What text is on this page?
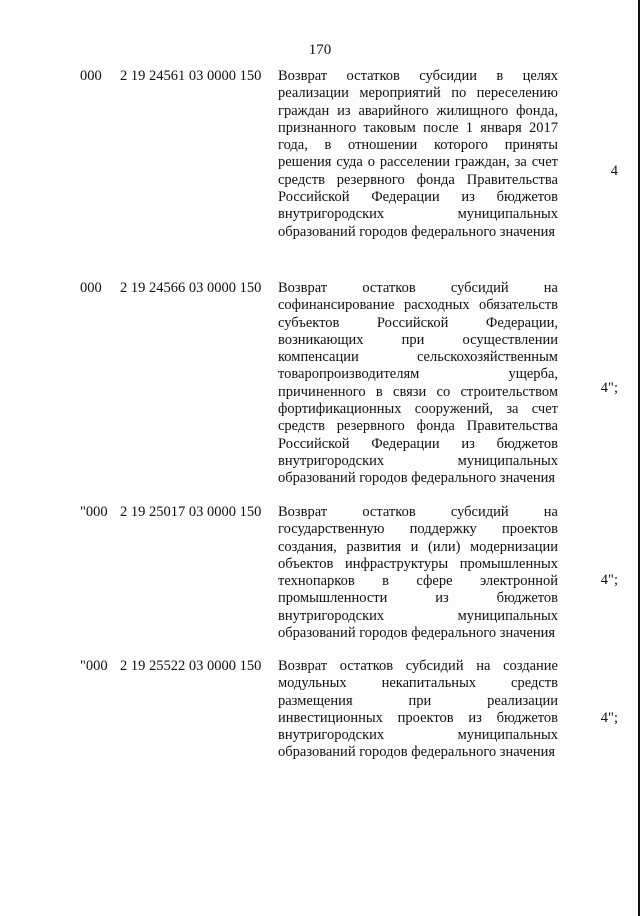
170
000 2 19 24561 03 0000 150 Возврат остатков субсидии в целях реализации мероприятий по переселению граждан из аварийного жилищного фонда, признанного таковым после 1 января 2017 года, в отношении которого приняты решения суда о расселении граждан, за счет средств резервного фонда Правительства Российской Федерации из бюджетов внутригородских муниципальных образований городов федерального значения
4
000 2 19 24566 03 0000 150 Возврат остатков субсидий на софинансирование расходных обязательств субъектов Российской Федерации, возникающих при осуществлении компенсации сельскохозяйственным товаропроизводителям ущерба, причиненного в связи со строительством фортификационных сооружений, за счет средств резервного фонда Правительства Российской Федерации из бюджетов внутригородских муниципальных образований городов федерального значения
4";
"000 2 19 25017 03 0000 150 Возврат остатков субсидий на государственную поддержку проектов создания, развития и (или) модернизации объектов инфраструктуры промышленных технопарков в сфере электронной промышленности из бюджетов внутригородских муниципальных образований городов федерального значения
4";
"000 2 19 25522 03 0000 150 Возврат остатков субсидий на создание модульных некапитальных средств размещения при реализации инвестиционных проектов из бюджетов внутригородских муниципальных образований городов федерального значения
4";
